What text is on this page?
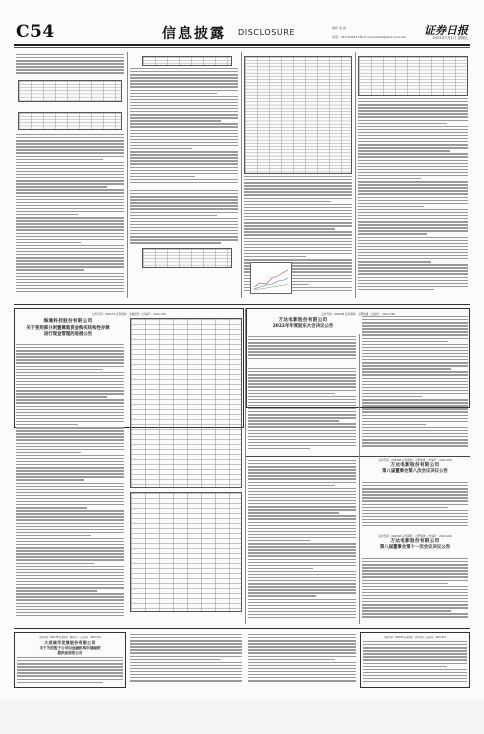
C54	信息披露 DISCLOSURE	制作 李 波
电话：010-83251730 E-mail:zqrb9@zqrb.sina.net 证券日报
2022年7月1日 星期五
证券代码：603132 证券简称：金徽股份 公告编号：2022-020
海通科技股份有限公司
关于使用部分闲置募集资金购买结构性存款
进行现金管理的进展公告
证券代码：002208 证券简称：合肥城建 公告编号：2022-038
万达电影股份有限公司
2022年年度股东大会决议公告
证券代码：002208 证券简称：合肥城建 公告编号：2022-039
万达电影股份有限公司
第八届董事会第八次会议决议公告
证券代码：002208 证券简称：合肥城建 公告编号：2022-040
万达电影股份有限公司
第八届董事会第十一次会议决议公告
证券代码：002138 证券简称：顺络电子 公告编号：2022-032
大成城市发展股份有限公司
关于为控股子公司向金融机构申请融资
提供担保的公告
证券代码：000636 证券简称：风华高科 公告编号：2022-041
